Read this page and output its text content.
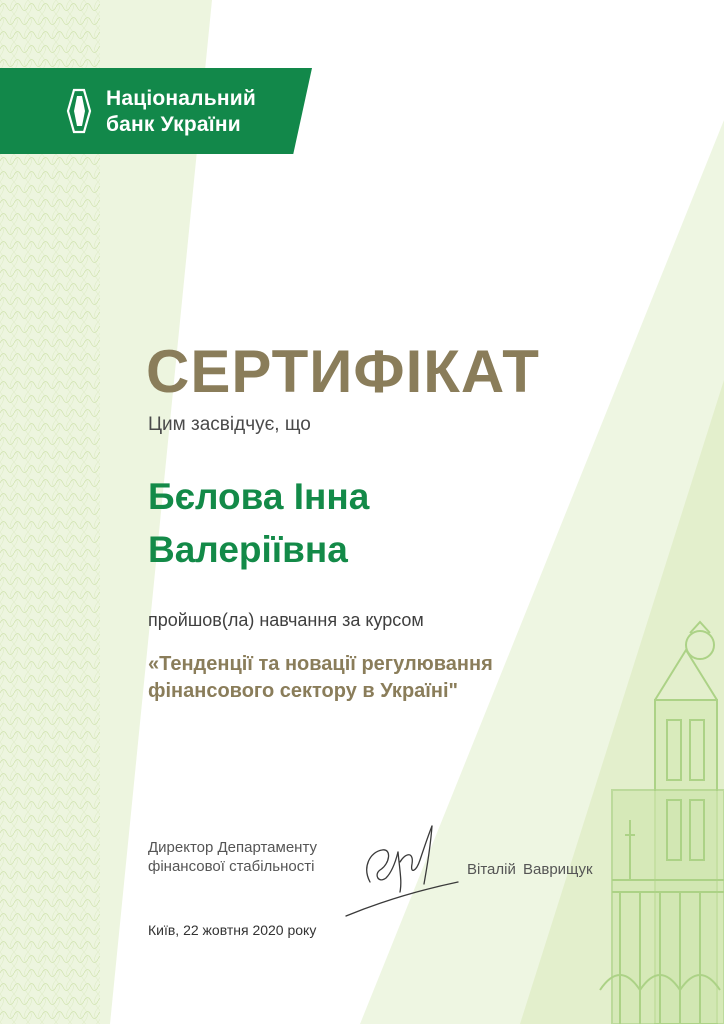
Національний
банк України
СЕРТИФІКАТ
Цим засвідчує, що
Бєлова Інна
Валеріївна
пройшов(ла) навчання за курсом
«Тенденції та новації регулювання
фінансового сектору в Україні"
Директор Департаменту
фінансової стабільності	Віталій Ваврищук
Київ, 22 жовтня 2020 року
